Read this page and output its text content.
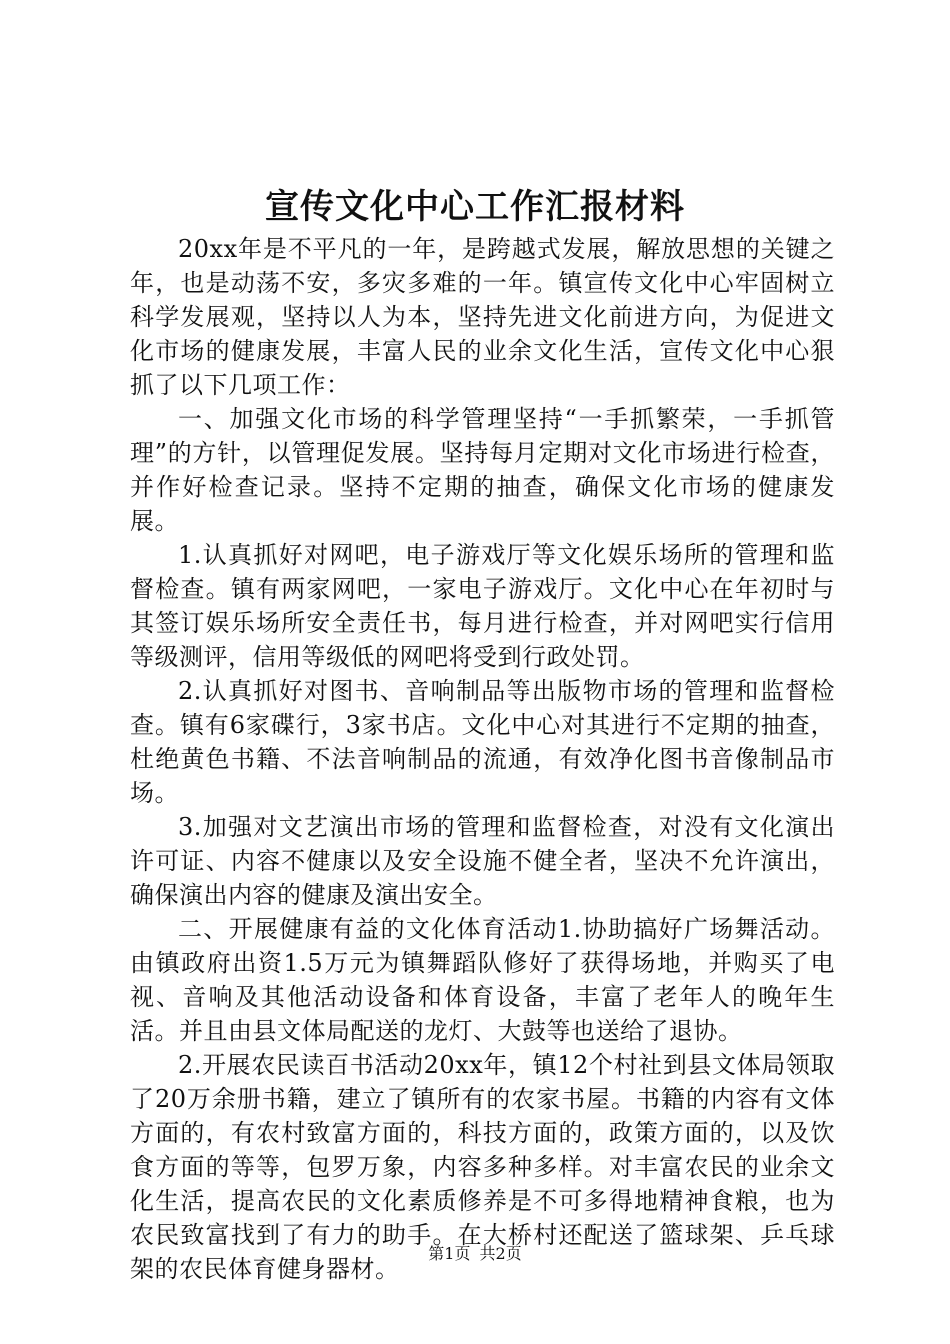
宣传文化中心工作汇报材料

20xx年是不平凡的一年，是跨越式发展，解放思想的关键之年，也是动荡不安，多灾多难的一年。镇宣传文化中心牢固树立科学发展观，坚持以人为本，坚持先进文化前进方向，为促进文化市场的健康发展，丰富人民的业余文化生活，宣传文化中心狠抓了以下几项工作：

一、加强文化市场的科学管理坚持“一手抓繁荣，一手抓管理”的方针，以管理促发展。坚持每月定期对文化市场进行检查，并作好检查记录。坚持不定期的抽查，确保文化市场的健康发展。

1.认真抓好对网吧，电子游戏厅等文化娱乐场所的管理和监督检查。镇有两家网吧，一家电子游戏厅。文化中心在年初时与其签订娱乐场所安全责任书，每月进行检查，并对网吧实行信用等级测评，信用等级低的网吧将受到行政处罚。

2.认真抓好对图书、音响制品等出版物市场的管理和监督检查。镇有6家碟行，3家书店。文化中心对其进行不定期的抽查，杜绝黄色书籍、不法音响制品的流通，有效净化图书音像制品市场。

3.加强对文艺演出市场的管理和监督检查，对没有文化演出许可证、内容不健康以及安全设施不健全者，坚决不允许演出，确保演出内容的健康及演出安全。

二、开展健康有益的文化体育活动1.协助搞好广场舞活动。由镇政府出资1.5万元为镇舞蹈队修好了获得场地，并购买了电视、音响及其他活动设备和体育设备，丰富了老年人的晚年生活。并且由县文体局配送的龙灯、大鼓等也送给了退协。

2.开展农民读百书活动20xx年，镇12个村社到县文体局领取了20万余册书籍，建立了镇所有的农家书屋。书籍的内容有文体方面的，有农村致富方面的，科技方面的，政策方面的，以及饮食方面的等等，包罗万象，内容多种多样。对丰富农民的业余文化生活，提高农民的文化素质修养是不可多得地精神食粮，也为农民致富找到了有力的助手。在大桥村还配送了篮球架、乒乓球架的农民体育健身器材。

第1页 共2页
